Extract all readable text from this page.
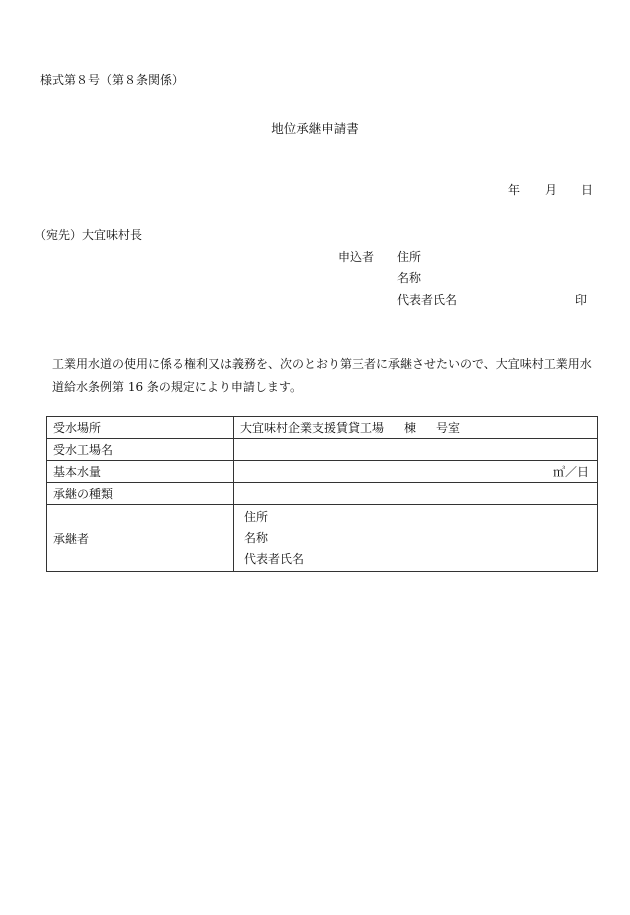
様式第８号（第８条関係）
地位承継申請書
年 月 日
（宛先）大宜味村長
申込者 住所
名称
代表者氏名	印
工業用水道の使用に係る権利又は義務を、次のとおり第三者に承継させたいので、大宜味村工業用水道給水条例第 16 条の規定により申請します。
受水場所	大宜味村企業支援賃貸工場 棟 号室
受水工場名	
基本水量	㎥／日

承継の種類	
承継者	住所
名称
代表者氏名
